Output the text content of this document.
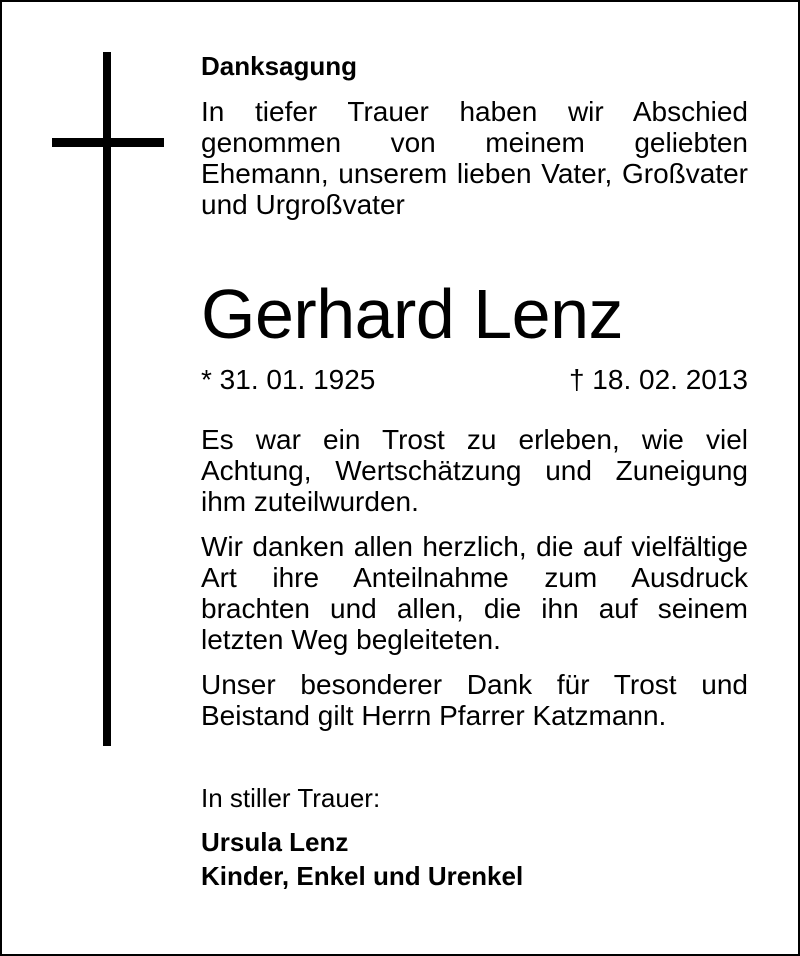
Danksagung

In tiefer Trauer haben wir Abschied genommen von meinem geliebten Ehemann, unserem lieben Vater, Großvater und Urgroßvater

Gerhard Lenz
* 31. 01. 1925	† 18. 02. 2013

Es war ein Trost zu erleben, wie viel Achtung, Wertschätzung und Zuneigung ihm zuteilwurden.

Wir danken allen herzlich, die auf vielfältige Art ihre Anteilnahme zum Ausdruck brachten und allen, die ihn auf seinem letzten Weg begleiteten.

Unser besonderer Dank für Trost und Beistand gilt Herrn Pfarrer Katzmann.

In stiller Trauer:
Ursula Lenz
Kinder, Enkel und Urenkel
